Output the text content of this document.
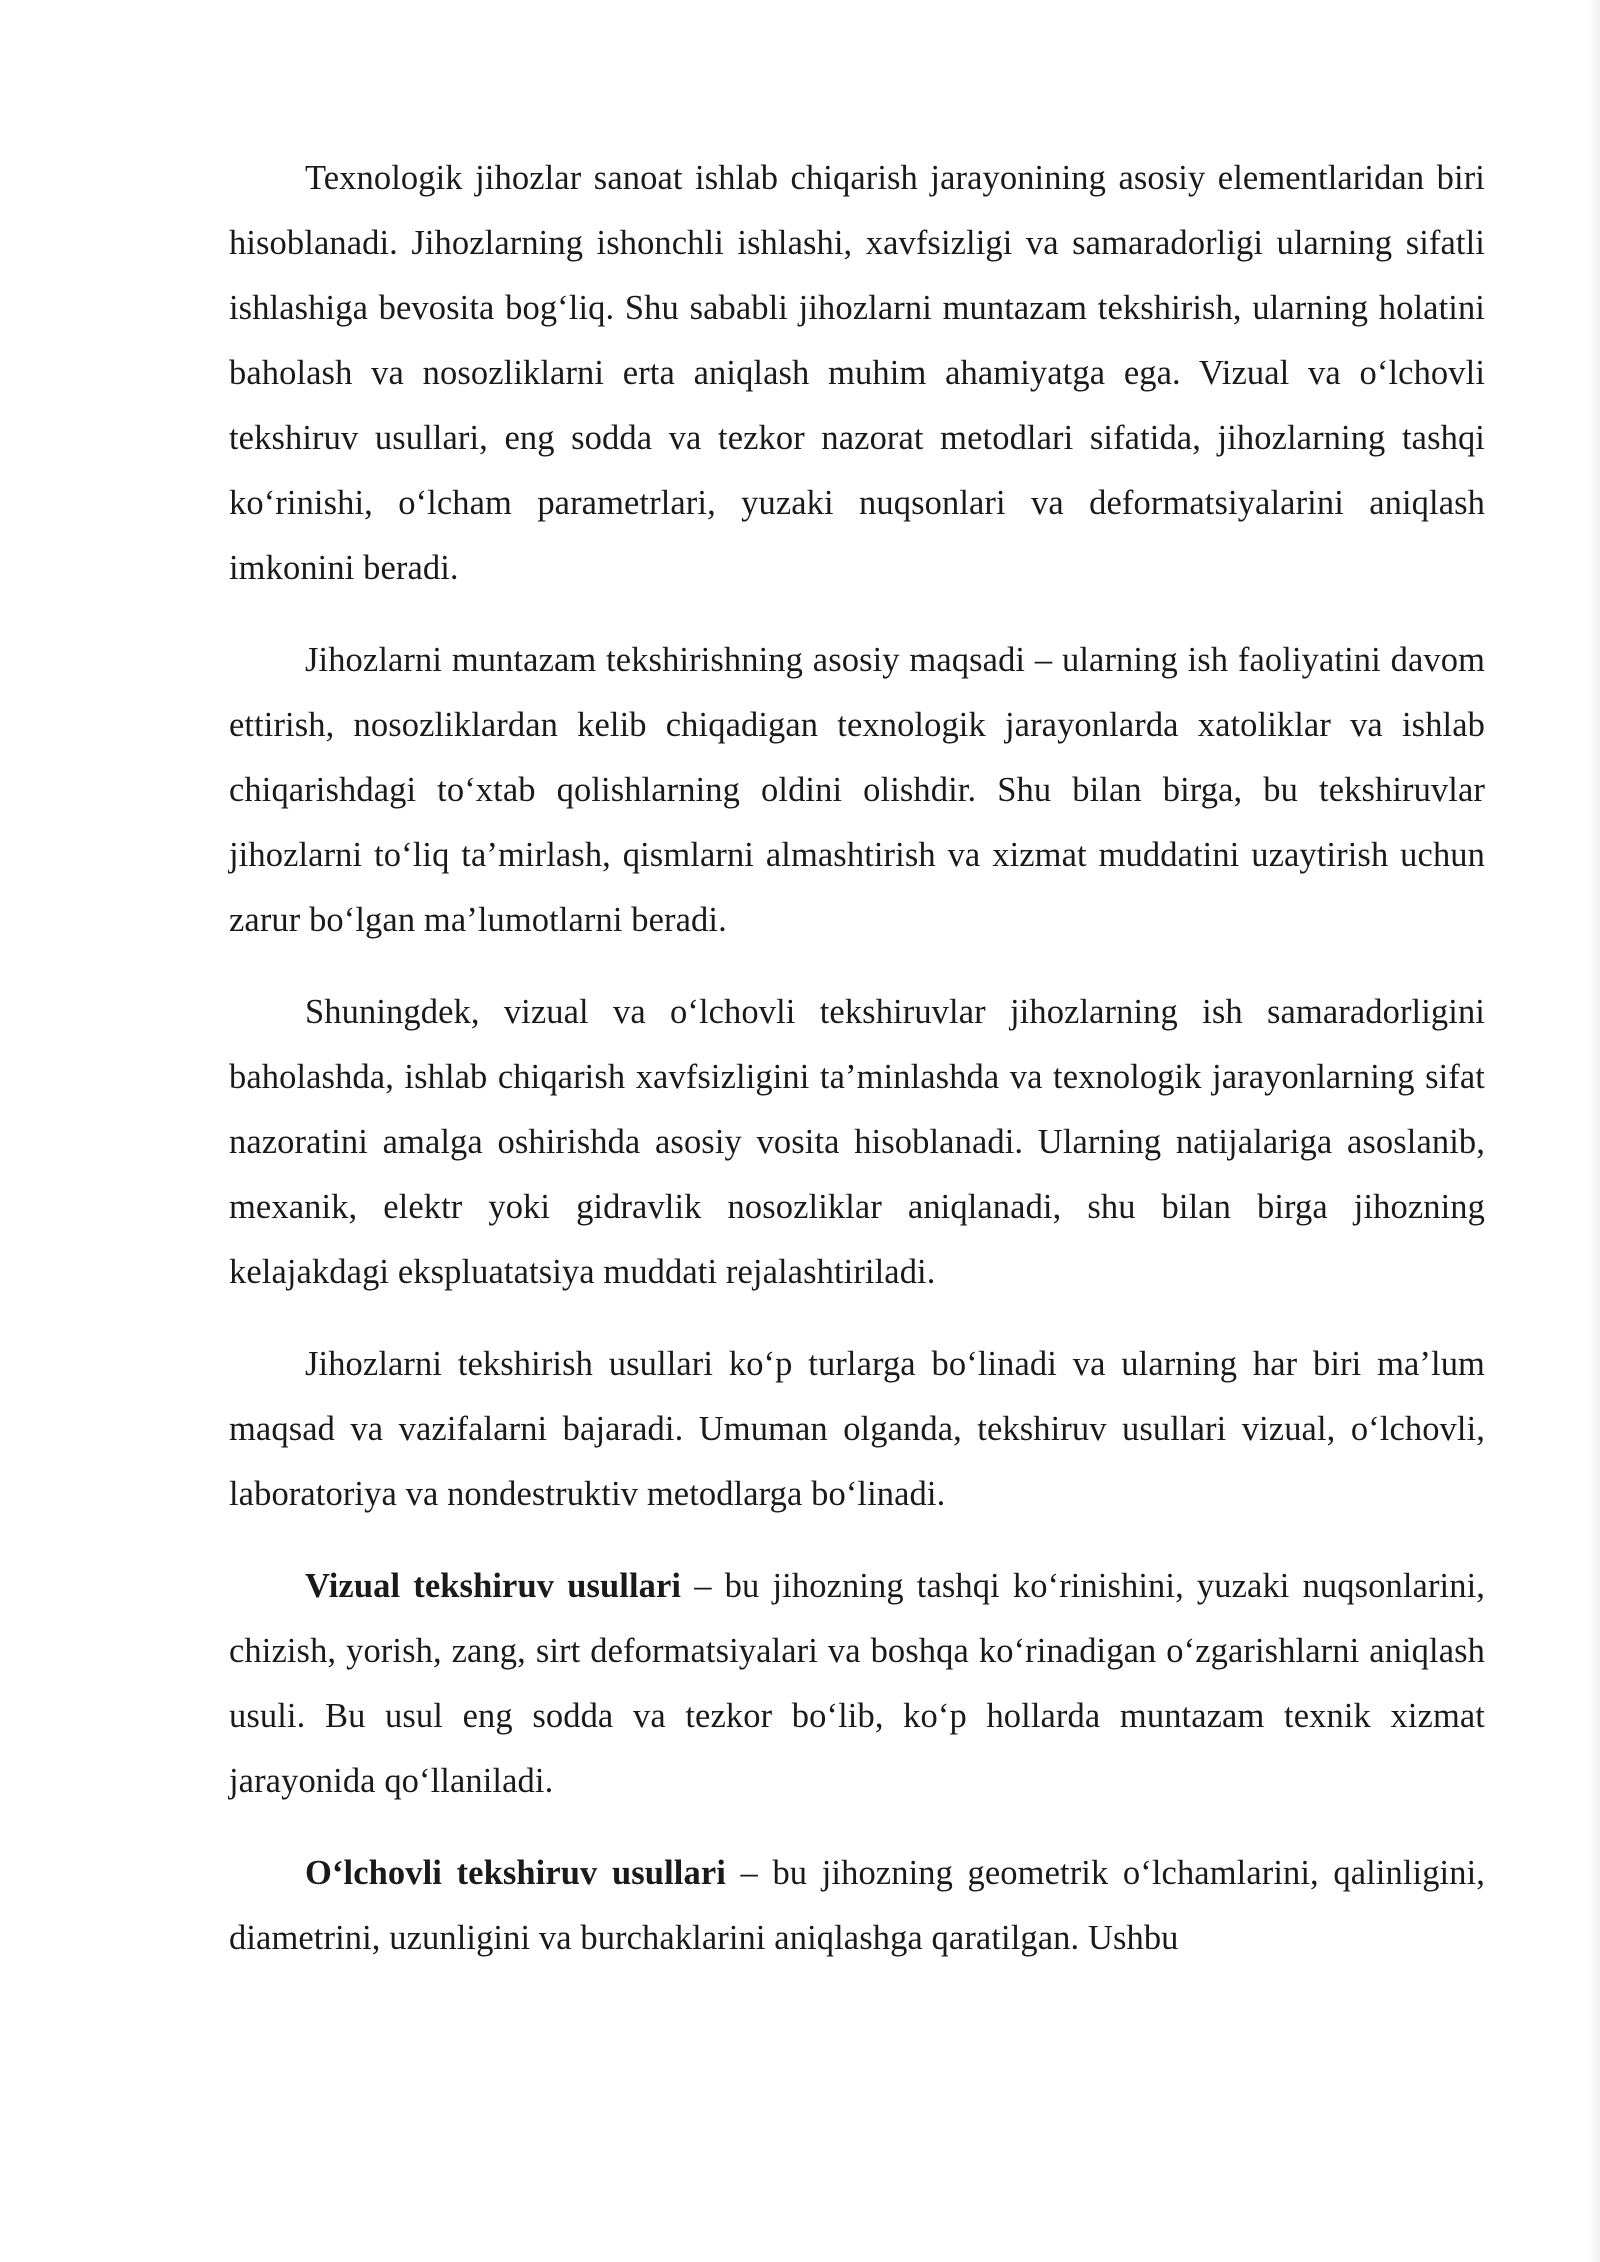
Texnologik jihozlar sanoat ishlab chiqarish jarayonining asosiy elementlaridan biri hisoblanadi. Jihozlarning ishonchli ishlashi, xavfsizligi va samaradorligi ularning sifatli ishlashiga bevosita bog‘liq. Shu sababli jihozlarni muntazam tekshirish, ularning holatini baholash va nosozliklarni erta aniqlash muhim ahamiyatga ega. Vizual va o‘lchovli tekshiruv usullari, eng sodda va tezkor nazorat metodlari sifatida, jihozlarning tashqi ko‘rinishi, o‘lcham parametrlari, yuzaki nuqsonlari va deformatsiyalarini aniqlash imkonini beradi.

Jihozlarni muntazam tekshirishning asosiy maqsadi – ularning ish faoliyatini davom ettirish, nosozliklardan kelib chiqadigan texnologik jarayonlarda xatoliklar va ishlab chiqarishdagi to‘xtab qolishlarning oldini olishdir. Shu bilan birga, bu tekshiruvlar jihozlarni to‘liq ta’mirlash, qismlarni almashtirish va xizmat muddatini uzaytirish uchun zarur bo‘lgan ma’lumotlarni beradi.

Shuningdek, vizual va o‘lchovli tekshiruvlar jihozlarning ish samaradorligini baholashda, ishlab chiqarish xavfsizligini ta’minlashda va texnologik jarayonlarning sifat nazoratini amalga oshirishda asosiy vosita hisoblanadi. Ularning natijalariga asoslanib, mexanik, elektr yoki gidravlik nosozliklar aniqlanadi, shu bilan birga jihozning kelajakdagi ekspluatatsiya muddati rejalashtiriladi.

Jihozlarni tekshirish usullari ko‘p turlarga bo‘linadi va ularning har biri ma’lum maqsad va vazifalarni bajaradi. Umuman olganda, tekshiruv usullari vizual, o‘lchovli, laboratoriya va nondestruktiv metodlarga bo‘linadi.

Vizual tekshiruv usullari – bu jihozning tashqi ko‘rinishini, yuzaki nuqsonlarini, chizish, yorish, zang, sirt deformatsiyalari va boshqa ko‘rinadigan o‘zgarishlarni aniqlash usuli. Bu usul eng sodda va tezkor bo‘lib, ko‘p hollarda muntazam texnik xizmat jarayonida qo‘llaniladi.

O‘lchovli tekshiruv usullari – bu jihozning geometrik o‘lchamlarini, qalinligini, diametrini, uzunligini va burchaklarini aniqlashga qaratilgan. Ushbu
